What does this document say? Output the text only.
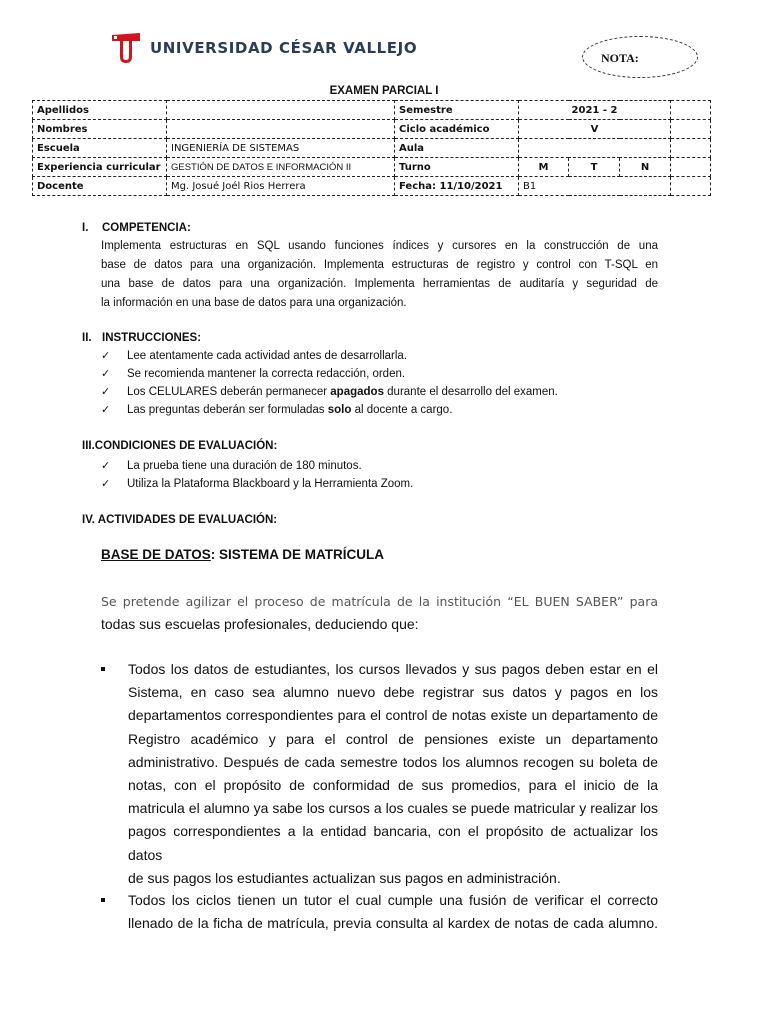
UNIVERSIDAD CÉSAR VALLEJO
NOTA:
EXAMEN PARCIAL I
Apellidos		Semestre	2021 - 2			
Nombres		Ciclo académico	V			
Escuela	INGENIERÍA DE SISTEMAS	Aula				
Experiencia curricular	GESTIÓN DE DATOS E INFORMACIÓN II	Turno	M	T	N	
Docente	Mg. Josué Joél Rios Herrera	Fecha: 11/10/2021	B1			
I. COMPETENCIA:
Implementa estructuras en SQL usando funciones índices y cursores en la construcción de una
base de datos para una organización. Implementa estructuras de registro y control con T-SQL en
una base de datos para una organización. Implementa herramientas de auditaría y seguridad de
la información en una base de datos para una organización.
II. INSTRUCCIONES:
✓ Lee atentamente cada actividad antes de desarrollarla.
✓ Se recomienda mantener la correcta redacción, orden.
✓ Los CELULARES deberán permanecer apagados durante el desarrollo del examen.
✓ Las preguntas deberán ser formuladas solo al docente a cargo.
III.CONDICIONES DE EVALUACIÓN:
✓ La prueba tiene una duración de 180 minutos.
✓ Utiliza la Plataforma Blackboard y la Herramienta Zoom.
IV. ACTIVIDADES DE EVALUACIÓN:
BASE DE DATOS: SISTEMA DE MATRÍCULA
Se pretende agilizar el proceso de matrícula de la institución “EL BUEN SABER” para
todas sus escuelas profesionales, deduciendo que:
Todos los datos de estudiantes, los cursos llevados y sus pagos deben estar en el
Sistema, en caso sea alumno nuevo debe registrar sus datos y pagos en los
departamentos correspondientes para el control de notas existe un departamento de
Registro académico y para el control de pensiones existe un departamento
administrativo. Después de cada semestre todos los alumnos recogen su boleta de
notas, con el propósito de conformidad de sus promedios, para el inicio de la
matricula el alumno ya sabe los cursos a los cuales se puede matricular y realizar los
pagos correspondientes a la entidad bancaria, con el propósito de actualizar los datos
de sus pagos los estudiantes actualizan sus pagos en administración.
Todos los ciclos tienen un tutor el cual cumple una fusión de verificar el correcto
llenado de la ficha de matrícula, previa consulta al kardex de notas de cada alumno.
